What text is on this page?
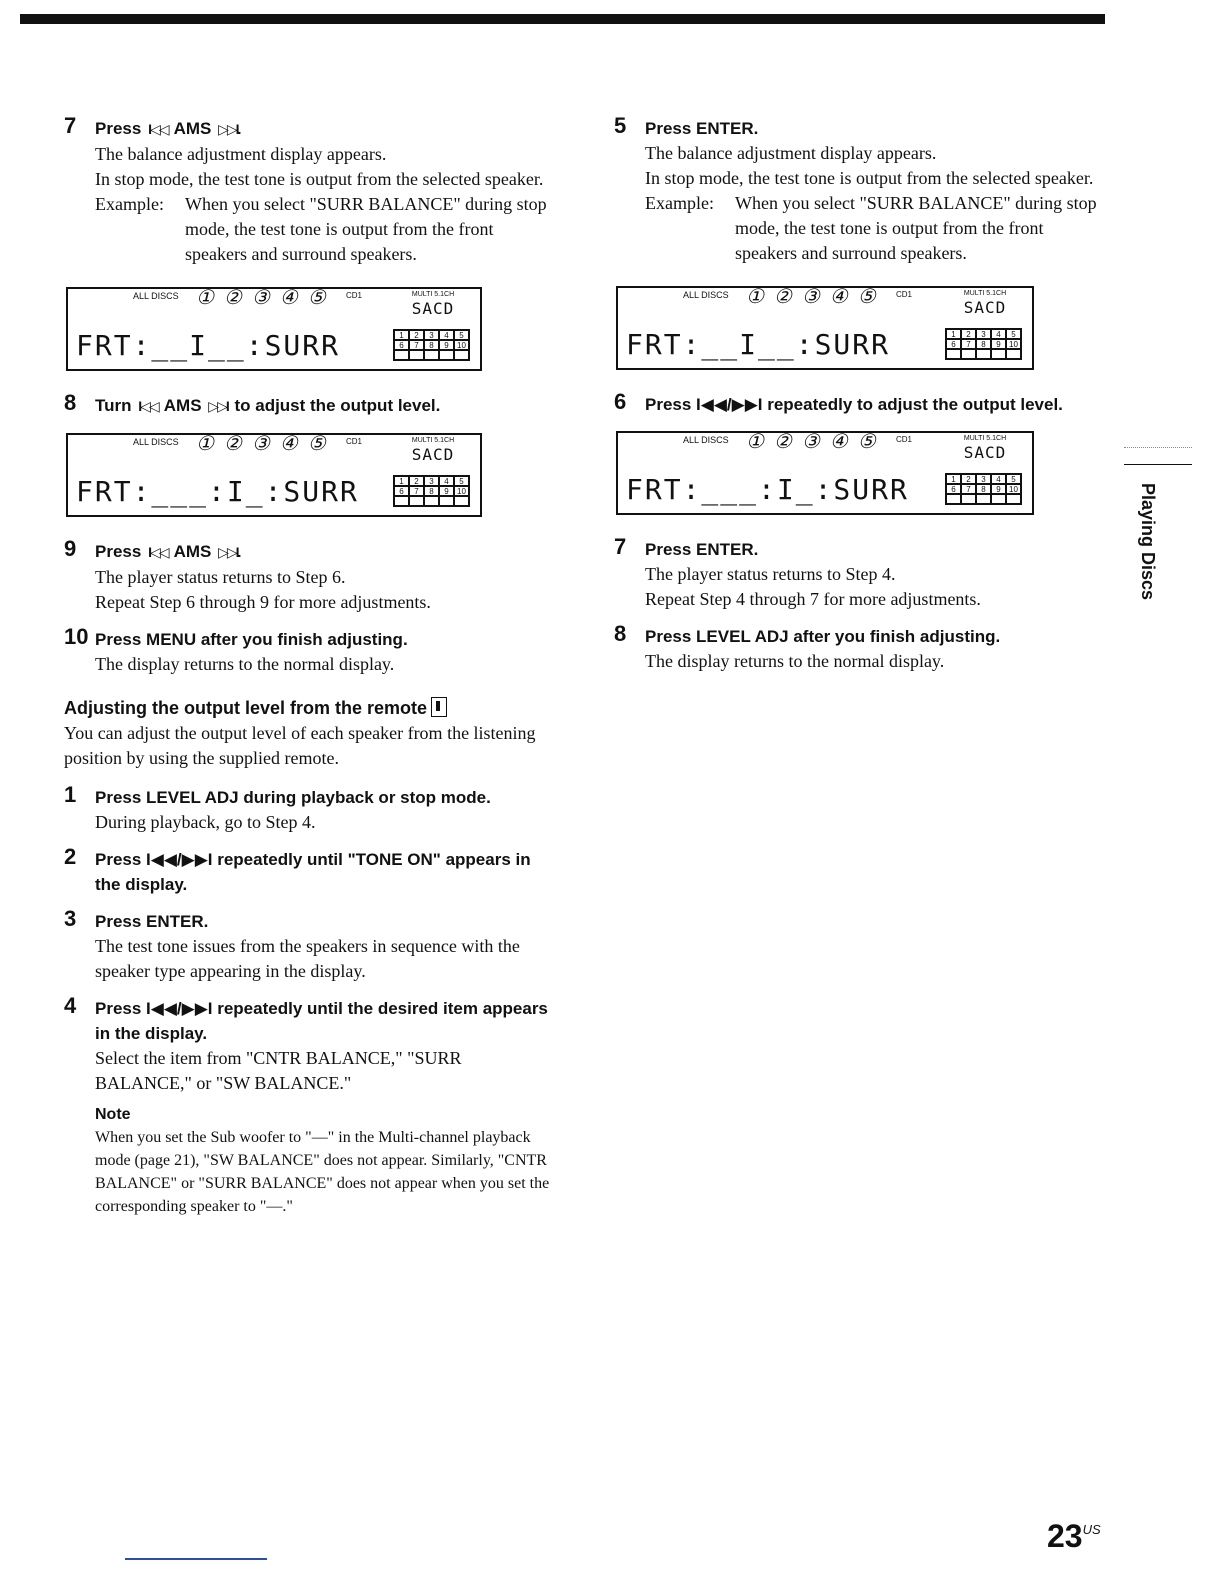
7 Press I◁◁ AMS ▷▷I.
The balance adjustment display appears.
In stop mode, the test tone is output from the selected speaker.
Example:	When you select "SURR BALANCE" during stop mode, the test tone is output from the front speakers and surround speakers.
ALL DISCS ①②③④⑤ CD1	MULTI 5.1CH
SACD
FRT:__I__:SURR	1	2	3	4	5
6	7	8	9	10
8 Turn I◁◁ AMS ▷▷I to adjust the output level.
ALL DISCS ①②③④⑤ CD1	MULTI 5.1CH
SACD
FRT:___:I_:SURR	1	2	3	4	5
6	7	8	9	10
9 Press I◁◁ AMS ▷▷I.
The player status returns to Step 6.
Repeat Step 6 through 9 for more adjustments.
10 Press MENU after you finish adjusting.
The display returns to the normal display.
Adjusting the output level from the remote
You can adjust the output level of each speaker from the listening position by using the supplied remote.
1 Press LEVEL ADJ during playback or stop mode.
During playback, go to Step 4.
2 Press I◀◀/▶▶I repeatedly until "TONE ON" appears in the display.
3 Press ENTER.
The test tone issues from the speakers in sequence with the speaker type appearing in the display.
4 Press I◀◀/▶▶I repeatedly until the desired item appears in the display.
Select the item from "CNTR BALANCE," "SURR BALANCE," or "SW BALANCE."
Note
When you set the Sub woofer to "—" in the Multi-channel playback mode (page 21), "SW BALANCE" does not appear. Similarly, "CNTR BALANCE" or "SURR BALANCE" does not appear when you set the corresponding speaker to "—."
5 Press ENTER.
The balance adjustment display appears.
In stop mode, the test tone is output from the selected speaker.
Example:	When you select "SURR BALANCE" during stop mode, the test tone is output from the front speakers and surround speakers.
ALL DISCS ①②③④⑤ CD1	MULTI 5.1CH
SACD
FRT:__I__:SURR	1	2	3	4	5
6	7	8	9	10
6 Press I◀◀/▶▶I repeatedly to adjust the output level.
ALL DISCS ①②③④⑤ CD1	MULTI 5.1CH
SACD
FRT:___:I_:SURR	1	2	3	4	5
6	7	8	9	10
7 Press ENTER.
The player status returns to Step 4.
Repeat Step 4 through 7 for more adjustments.
8 Press LEVEL ADJ after you finish adjusting.
The display returns to the normal display.
Playing Discs
$23^{US}$
